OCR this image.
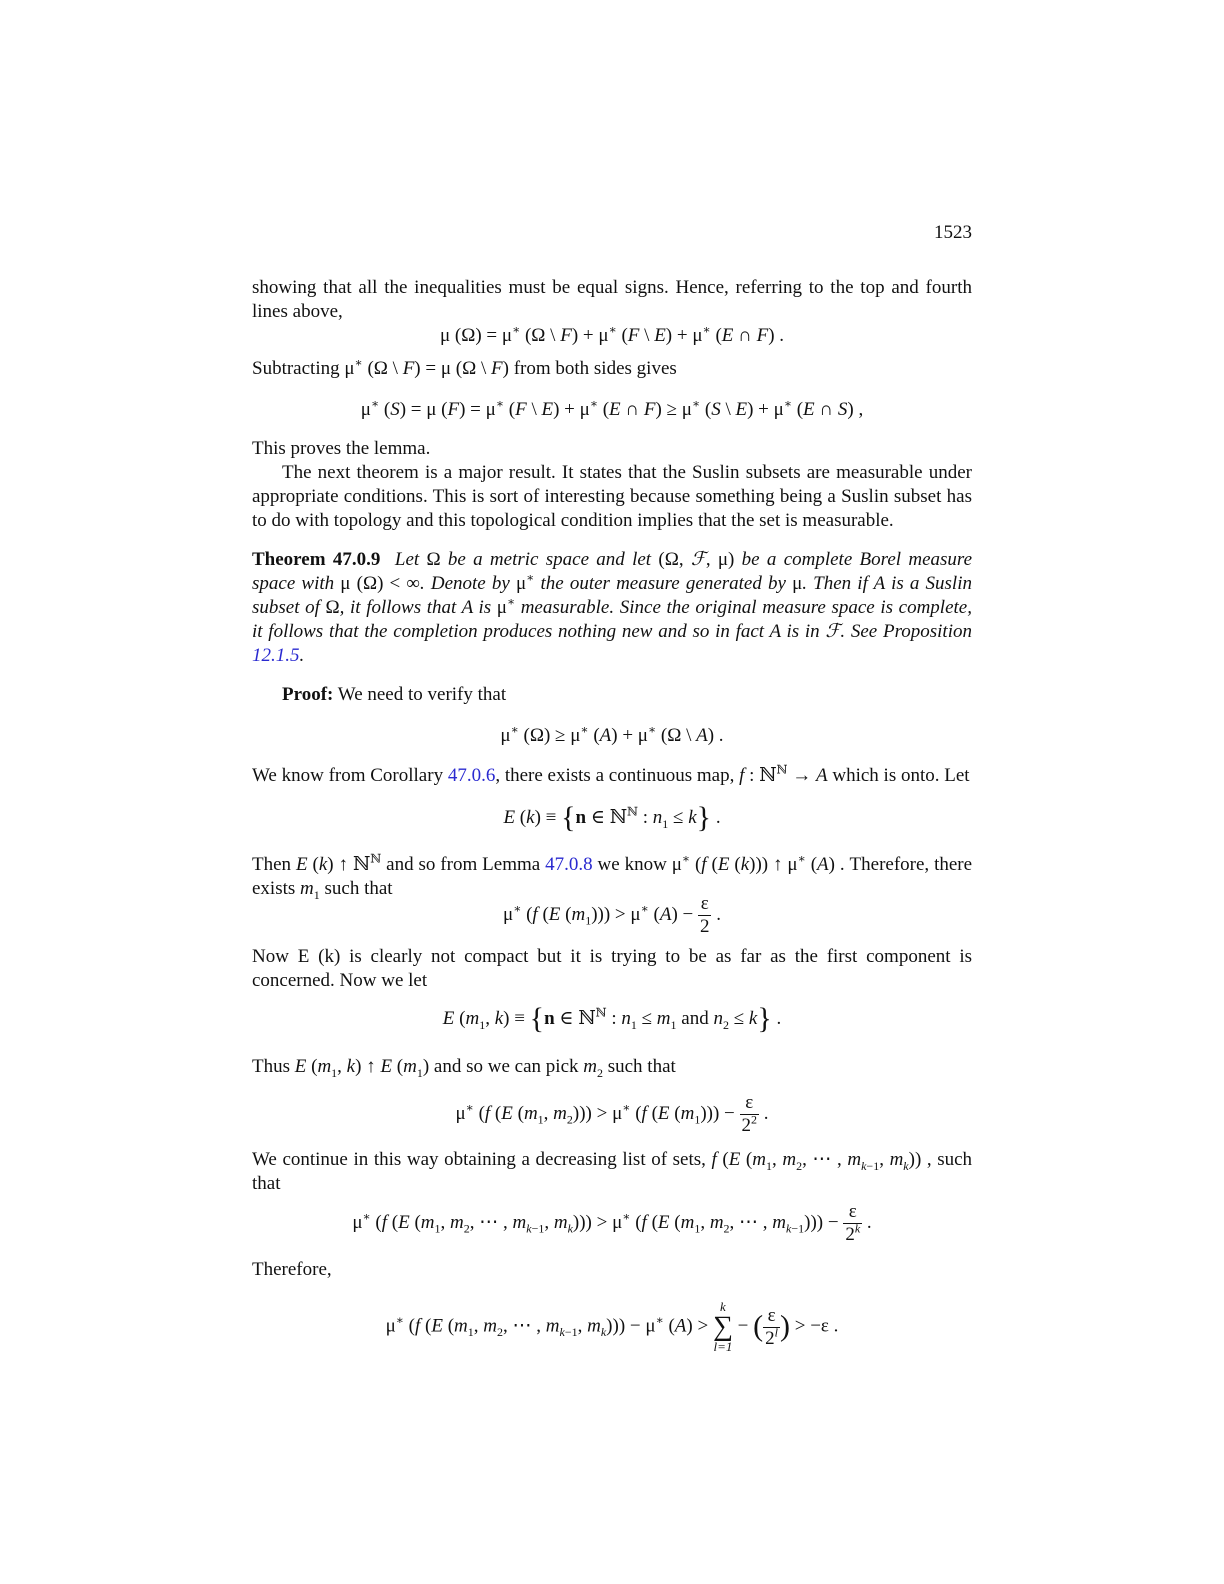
1523
showing that all the inequalities must be equal signs. Hence, referring to the top and fourth lines above,
μ (Ω) = μ∗ (Ω \ F) + μ∗ (F \ E) + μ∗ (E ∩ F) .
Subtracting μ∗ (Ω \ F) = μ (Ω \ F) from both sides gives
μ∗ (S) = μ (F) = μ∗ (F \ E) + μ∗ (E ∩ F) ≥ μ∗ (S \ E) + μ∗ (E ∩ S) ,
This proves the lemma.
The next theorem is a major result. It states that the Suslin subsets are measurable under appropriate conditions. This is sort of interesting because something being a Suslin subset has to do with topology and this topological condition implies that the set is measurable.
Theorem 47.0.9 Let Ω be a metric space and let (Ω, ℱ, μ) be a complete Borel measure space with μ (Ω) < ∞. Denote by μ∗ the outer measure generated by μ. Then if A is a Suslin subset of Ω, it follows that A is μ∗ measurable. Since the original measure space is complete, it follows that the completion produces nothing new and so in fact A is in ℱ. See Proposition 12.1.5.
Proof: We need to verify that
μ∗ (Ω) ≥ μ∗ (A) + μ∗ (Ω \ A) .
We know from Corollary 47.0.6, there exists a continuous map, f : ℕ$^ℕ$ → A which is onto. Let
E (k) ≡ {n ∈ ℕ$^ℕ$ : $n_1 \le k$} .
Then E (k) ↑ ℕ$^ℕ$ and so from Lemma 47.0.8 we know μ∗ (f (E (k))) ↑ μ∗ (A) . Therefore, there exists $m_1$ such that
μ∗ (f (E $(m_1))) > \mu^∗$ $(A) - \frac{\varepsilon}{2}$ .
Now E (k) is clearly not compact but it is trying to be as far as the first component is concerned. Now we let
E ($m_1$, k) ≡ {n ∈ ℕ$^ℕ$ : $n_1 \le m_1$ and $n_2 \le k$} .
Thus E ($m_1$, k) ↑ E $(m_1)$ and so we can pick $m_2$ such that
μ∗ (f (E ($m_1$, $m_2))) > \mu^∗$ (f (E $(m_1))) - \frac{\varepsilon}{2^2}$ .
We continue in this way obtaining a decreasing list of sets, f (E ($m_1$, $m_2$, ⋯ , $m_{k-1}$, $m_k$)) , such that
μ∗ (f (E ($m_1$, $m_2$, ⋯ , $m_{k-1}$, $m_k))) > \mu^∗$ (f (E ($m_1$, $m_2$, ⋯ , $m_{k-1}))) - \frac{\varepsilon}{2^k}$ .
Therefore,
μ∗ (f (E ($m_1$, $m_2$, ⋯ , $m_{k-1}$, $m_k))) - \mu^∗$ (A) >
k
∑
l=1
− ( $\frac{\varepsilon}{2^l}$ ) > −ε .
